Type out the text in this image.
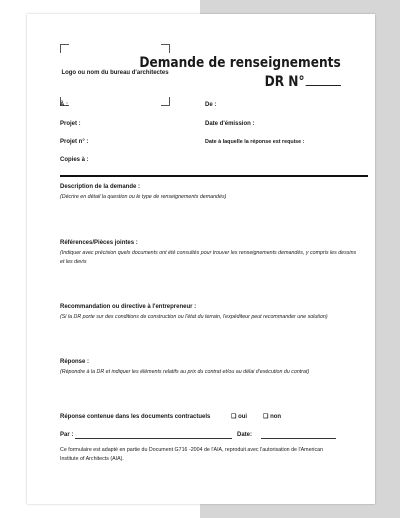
Logo ou nom du bureau d'architectes
Demande de renseignements
DR N°
À :	De :
Projet :	Date d'émission :
Projet n° :	Date à laquelle la réponse est requise :
Copies à :
Description de la demande :
(Décrire en détail la question ou le type de renseignements demandés)
Références/Pièces jointes :
(Indiquer avec précision quels documents ont été consultés pour trouver les renseignements demandés, y compris les dessins et les devis
Recommandation ou directive à l'entrepreneur :
(Si la DR porte sur des conditions de construction ou l'état du terrain, l'expéditeur peut recommander une solution)
Réponse :
(Répondre à la DR et indiquer les éléments relatifs au prix du contrat et/ou au délai d'exécution du contrat)
Réponse contenue dans les documents contractuels	❏ oui	❏ non
Par :	Date:
Ce formulaire est adapté en partie du Document G716 -2004 de l'AIA, reproduit avec l'autorisation de l'American Institute of Architects (AIA).
